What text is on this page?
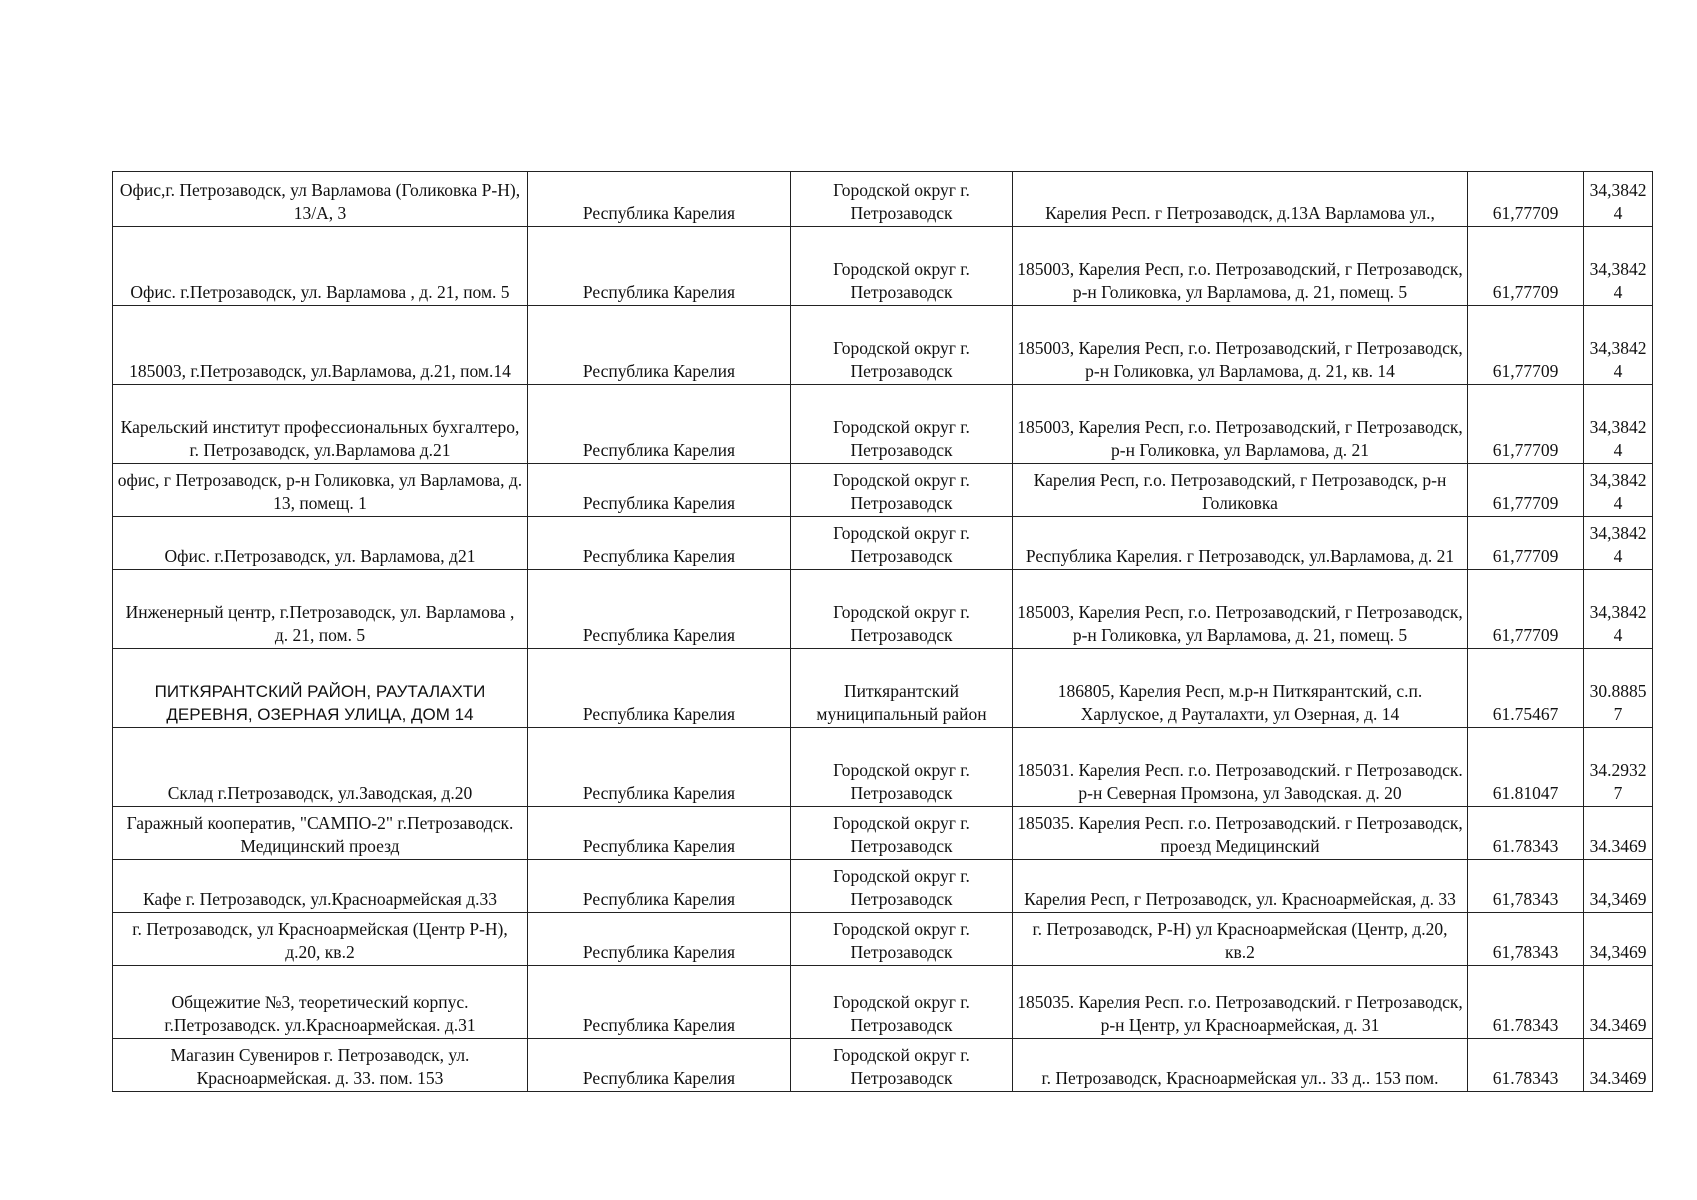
Офис,г. Петрозаводск, ул Варламова (Голиковка Р-Н), 13/А, 3	Республика Карелия	Городской округ г. Петрозаводск	Карелия Респ. г Петрозаводск, д.13А Варламова ул.,	61,77709	34,38424

Офис. г.Петрозаводск, ул. Варламова , д. 21, пом. 5	Республика Карелия	Городской округ г. Петрозаводск	185003, Карелия Респ, г.о. Петрозаводский, г Петрозаводск, р-н Голиковка, ул Варламова, д. 21, помещ. 5	61,77709	34,38424

185003, г.Петрозаводск, ул.Варламова, д.21, пом.14	Республика Карелия	Городской округ г. Петрозаводск	185003, Карелия Респ, г.о. Петрозаводский, г Петрозаводск, р-н Голиковка, ул Варламова, д. 21, кв. 14	61,77709	34,38424

Карельский институт профессиональных бухгалтеро, г. Петрозаводск, ул.Варламова д.21	Республика Карелия	Городской округ г. Петрозаводск	185003, Карелия Респ, г.о. Петрозаводский, г Петрозаводск, р-н Голиковка, ул Варламова, д. 21	61,77709	34,38424

офис, г Петрозаводск, р-н Голиковка, ул Варламова, д. 13, помещ. 1	Республика Карелия	Городской округ г. Петрозаводск	Карелия Респ, г.о. Петрозаводский, г Петрозаводск, р-н Голиковка	61,77709	34,38424

Офис. г.Петрозаводск, ул. Варламова, д21	Республика Карелия	Городской округ г. Петрозаводск	Республика Карелия. г Петрозаводск, ул.Варламова, д. 21	61,77709	34,38424

Инженерный центр, г.Петрозаводск, ул. Варламова , д. 21, пом. 5	Республика Карелия	Городской округ г. Петрозаводск	185003, Карелия Респ, г.о. Петрозаводский, г Петрозаводск, р-н Голиковка, ул Варламова, д. 21, помещ. 5	61,77709	34,38424

ПИТКЯРАНТСКИЙ РАЙОН, РАУТАЛАХТИ ДЕРЕВНЯ, ОЗЕРНАЯ УЛИЦА, ДОМ 14	Республика Карелия	Питкярантский муниципальный район	186805, Карелия Респ, м.р-н Питкярантский, с.п. Харлуское, д Рауталахти, ул Озерная, д. 14	61.75467	30.88857

Склад г.Петрозаводск, ул.Заводская, д.20	Республика Карелия	Городской округ г. Петрозаводск	185031. Карелия Респ. г.о. Петрозаводский. г Петрозаводск. р-н Северная Промзона, ул Заводская. д. 20	61.81047	34.29327

Гаражный кооператив, "САМПО-2" г.Петрозаводск. Медицинский проезд	Республика Карелия	Городской округ г. Петрозаводск	185035. Карелия Респ. г.о. Петрозаводский. г Петрозаводск, проезд Медицинский	61.78343	34.3469

Кафе г. Петрозаводск, ул.Красноармейская д.33	Республика Карелия	Городской округ г. Петрозаводск	Карелия Респ, г Петрозаводск, ул. Красноармейская, д. 33	61,78343	34,3469

г. Петрозаводск, ул Красноармейская (Центр Р-Н), д.20, кв.2	Республика Карелия	Городской округ г. Петрозаводск	г. Петрозаводск, Р-Н) ул Красноармейская (Центр, д.20, кв.2	61,78343	34,3469

Общежитие №3, теоретический корпус. г.Петрозаводск. ул.Красноармейская. д.31	Республика Карелия	Городской округ г. Петрозаводск	185035. Карелия Респ. г.о. Петрозаводский. г Петрозаводск, р-н Центр, ул Красноармейская, д. 31	61.78343	34.3469

Магазин Сувениров г. Петрозаводск, ул. Красноармейская. д. 33. пом. 153	Республика Карелия	Городской округ г. Петрозаводск	г. Петрозаводск, Красноармейская ул.. 33 д.. 153 пом.	61.78343	34.3469
